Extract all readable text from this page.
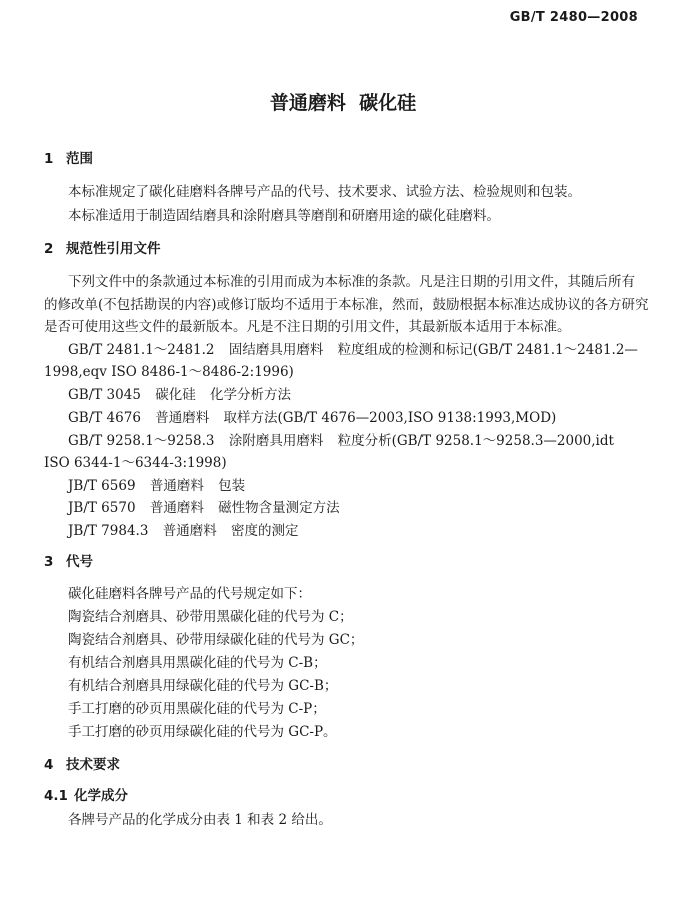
GB/T 2480—2008
普通磨料  碳化硅
1 范围
本标准规定了碳化硅磨料各牌号产品的代号、技术要求、试验方法、检验规则和包装。
本标准适用于制造固结磨具和涂附磨具等磨削和研磨用途的碳化硅磨料。
2 规范性引用文件
下列文件中的条款通过本标准的引用而成为本标准的条款。凡是注日期的引用文件，其随后所有
的修改单(不包括勘误的内容)或修订版均不适用于本标准，然而，鼓励根据本标准达成协议的各方研究
是否可使用这些文件的最新版本。凡是不注日期的引用文件，其最新版本适用于本标准。
GB/T 2481.1～2481.2 固结磨具用磨料 粒度组成的检测和标记(GB/T 2481.1～2481.2—
1998,eqv ISO 8486-1～8486-2:1996)
GB/T 3045 碳化硅 化学分析方法
GB/T 4676 普通磨料 取样方法(GB/T 4676—2003,ISO 9138:1993,MOD)
GB/T 9258.1～9258.3 涂附磨具用磨料 粒度分析(GB/T 9258.1～9258.3—2000,idt
ISO 6344-1～6344-3:1998)
JB/T 6569 普通磨料 包装
JB/T 6570 普通磨料 磁性物含量测定方法
JB/T 7984.3 普通磨料 密度的测定
3 代号
碳化硅磨料各牌号产品的代号规定如下：
陶瓷结合剂磨具、砂带用黑碳化硅的代号为 C；
陶瓷结合剂磨具、砂带用绿碳化硅的代号为 GC；
有机结合剂磨具用黑碳化硅的代号为 C-B；
有机结合剂磨具用绿碳化硅的代号为 GC-B；
手工打磨的砂页用黑碳化硅的代号为 C-P；
手工打磨的砂页用绿碳化硅的代号为 GC-P。
4 技术要求
4.1 化学成分
各牌号产品的化学成分由表 1 和表 2 给出。
